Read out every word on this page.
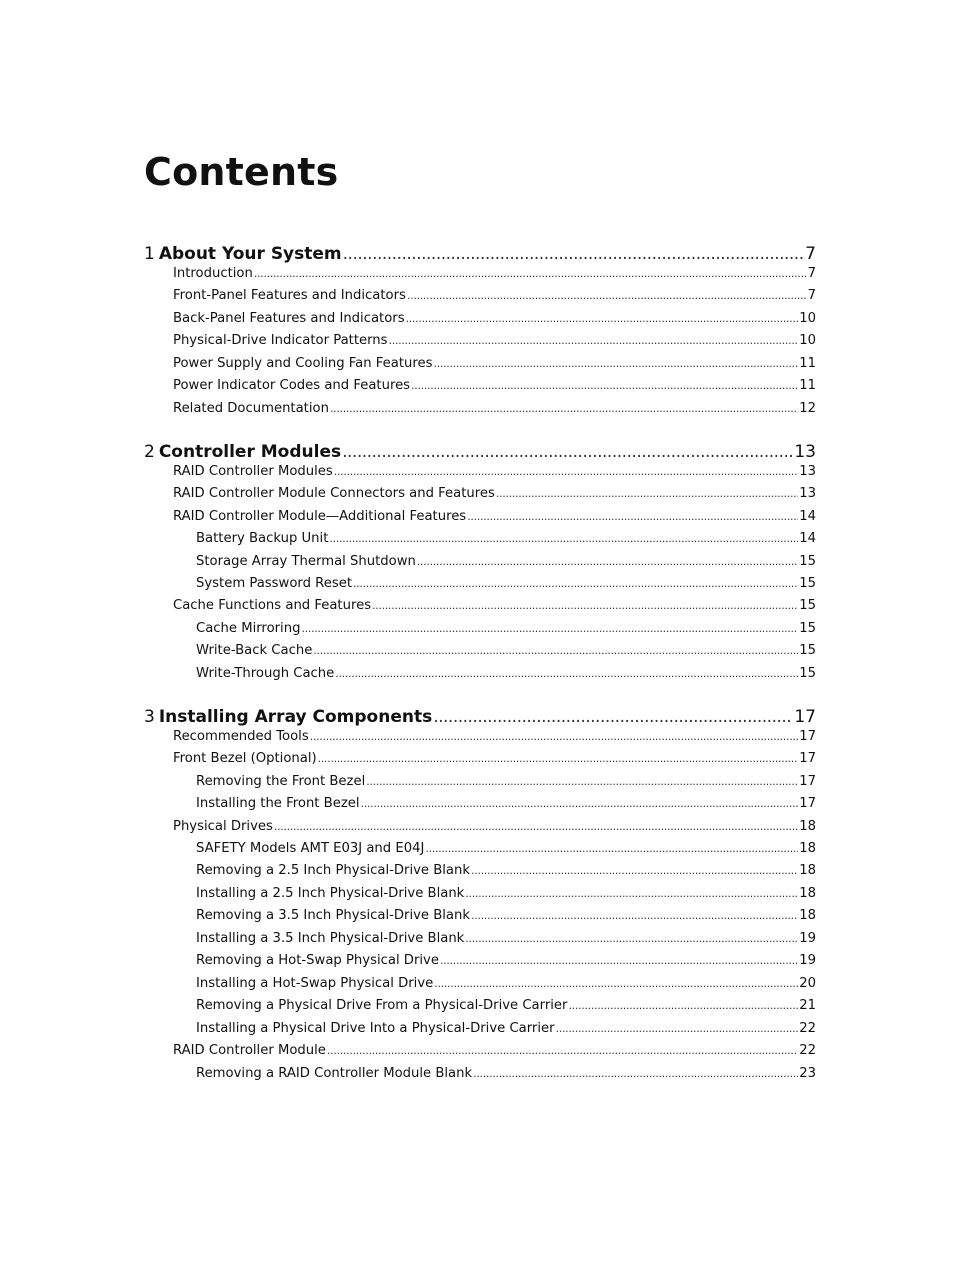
Contents
1 About Your System .....	7
Introduction .....	7
Front-Panel Features and Indicators .....	7
Back-Panel Features and Indicators .....	10
Physical-Drive Indicator Patterns .....	10
Power Supply and Cooling Fan Features .....	11
Power Indicator Codes and Features .....	11
Related Documentation .....	12
2 Controller Modules .....	13
RAID Controller Modules .....	13
RAID Controller Module Connectors and Features .....	13
RAID Controller Module—Additional Features .....	14
Battery Backup Unit .....	14
Storage Array Thermal Shutdown .....	15
System Password Reset .....	15
Cache Functions and Features .....	15
Cache Mirroring .....	15
Write-Back Cache .....	15
Write-Through Cache .....	15
3 Installing Array Components .....	17
Recommended Tools .....	17
Front Bezel (Optional) .....	17
Removing the Front Bezel .....	17
Installing the Front Bezel .....	17
Physical Drives .....	18
SAFETY Models AMT E03J and E04J .....	18
Removing a 2.5 Inch Physical-Drive Blank .....	18
Installing a 2.5 Inch Physical-Drive Blank .....	18
Removing a 3.5 Inch Physical-Drive Blank .....	18
Installing a 3.5 Inch Physical-Drive Blank .....	19
Removing a Hot-Swap Physical Drive .....	19
Installing a Hot-Swap Physical Drive .....	20
Removing a Physical Drive From a Physical-Drive Carrier .....	21
Installing a Physical Drive Into a Physical-Drive Carrier .....	22
RAID Controller Module .....	22
Removing a RAID Controller Module Blank .....	23
